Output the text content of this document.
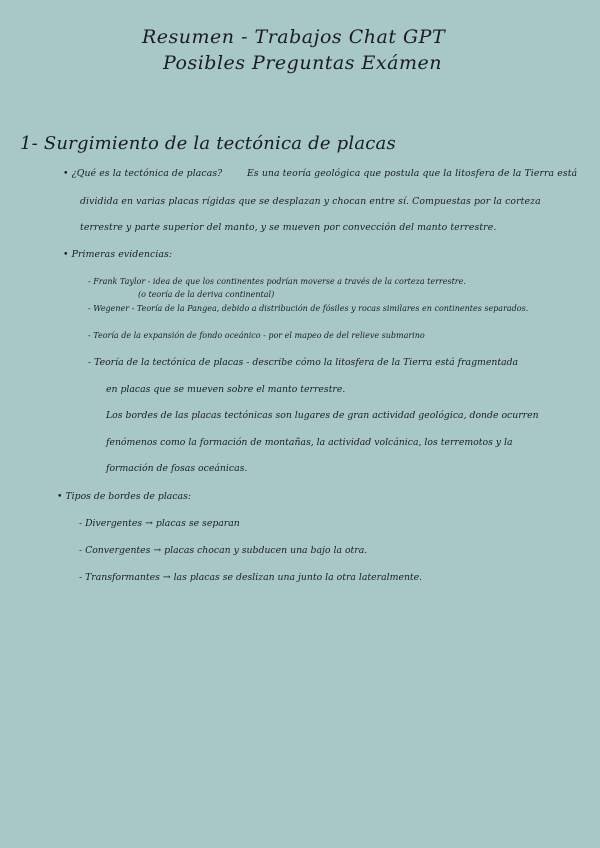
Resumen - Trabajos Chat GPT
Posibles Preguntas Exámen
1- Surgimiento de la tectónica de placas
• ¿Qué es la tectónica de placas?	Es una teoría geológica que postula que la litosfera de la Tierra está
dividida en varias placas rígidas que se desplazan y chocan entre sí. Compuestas por la corteza
terrestre y parte superior del manto, y se mueven por convección del manto terrestre.
• Primeras evidencias:
- Frank Taylor - idea de que los continentes podrían moverse a través de la corteza terrestre.
(o teoría de la deriva continental)
- Wegener - Teoría de la Pangea, debido a distribución de fósiles y rocas similares en continentes separados.
- Teoría de la expansión de fondo oceánico - por el mapeo de del relieve submarino
- Teoría de la tectónica de placas - describe cómo la litosfera de la Tierra está fragmentada
en placas que se mueven sobre el manto terrestre.
Los bordes de las placas tectónicas son lugares de gran actividad geológica, donde ocurren
fenómenos como la formación de montañas, la actividad volcánica, los terremotos y la
formación de fosas oceánicas.
• Tipos de bordes de placas:
- Divergentes → placas se separan
- Convergentes → placas chocan y subducen una bajo la otra.
- Transformantes → las placas se deslizan una junto la otra lateralmente.
